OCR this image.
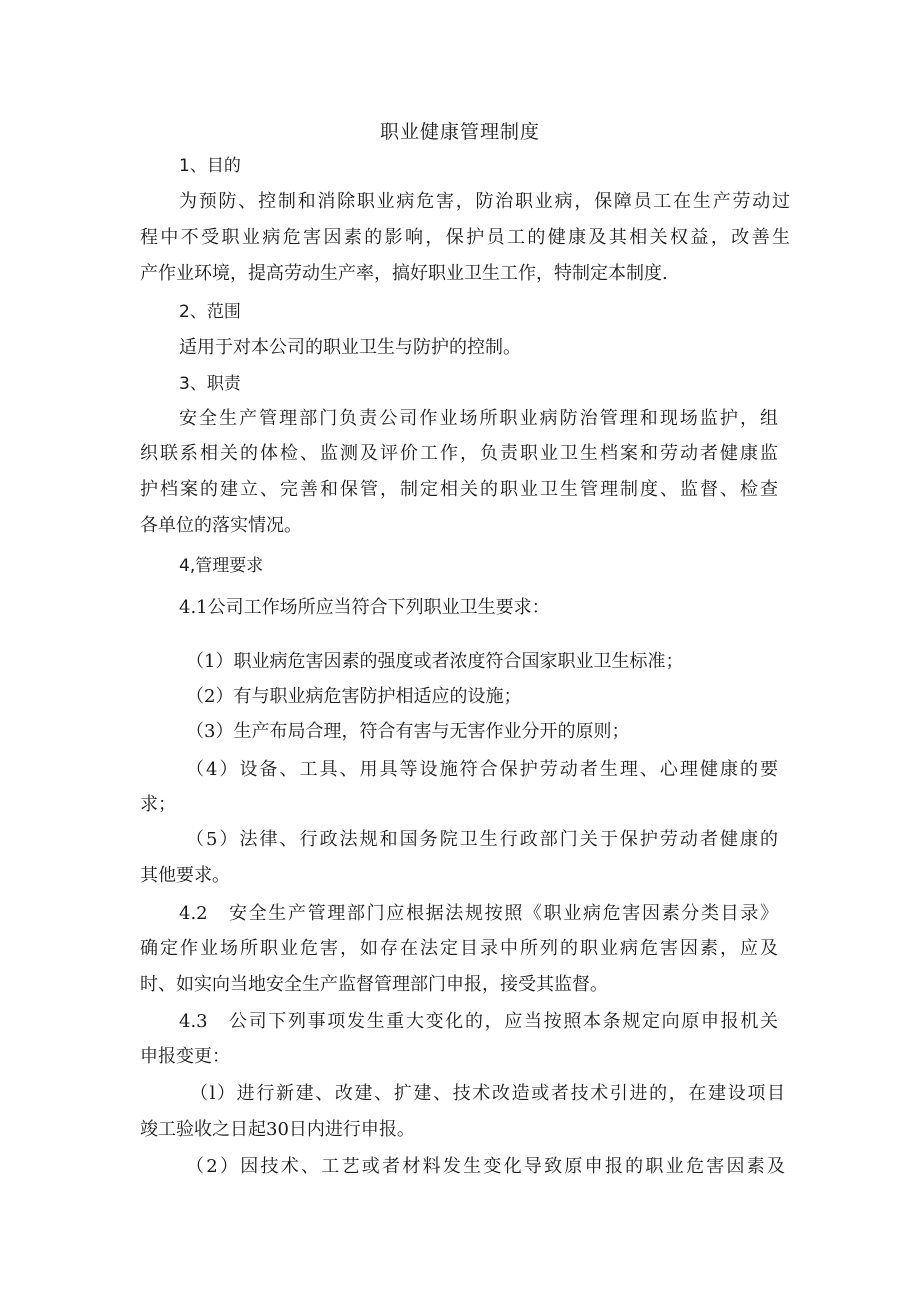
职业健康管理制度
1、目的
为预防、控制和消除职业病危害，防治职业病，保障员工在生产劳动过
程中不受职业病危害因素的影响，保护员工的健康及其相关权益，改善生
产作业环境，提高劳动生产率，搞好职业卫生工作，特制定本制度.
2、范围
适用于对本公司的职业卫生与防护的控制。
3、职责
安全生产管理部门负责公司作业场所职业病防治管理和现场监护，组
织联系相关的体检、监测及评价工作，负责职业卫生档案和劳动者健康监
护档案的建立、完善和保管，制定相关的职业卫生管理制度、监督、检查
各单位的落实情况。
4,管理要求
4.1公司工作场所应当符合下列职业卫生要求：
（1）职业病危害因素的强度或者浓度符合国家职业卫生标准；
（2）有与职业病危害防护相适应的设施；
（3）生产布局合理，符合有害与无害作业分开的原则；
（4）设备、工具、用具等设施符合保护劳动者生理、心理健康的要
求；
（5）法律、行政法规和国务院卫生行政部门关于保护劳动者健康的
其他要求。
4.2　安全生产管理部门应根据法规按照《职业病危害因素分类目录》
确定作业场所职业危害，如存在法定目录中所列的职业病危害因素，应及
时、如实向当地安全生产监督管理部门申报，接受其监督。
4.3　公司下列事项发生重大变化的，应当按照本条规定向原申报机关
申报变更：
（l）进行新建、改建、扩建、技术改造或者技术引进的，在建设项目
竣工验收之日起30日内进行申报。
（2）因技术、工艺或者材料发生变化导致原申报的职业危害因素及
